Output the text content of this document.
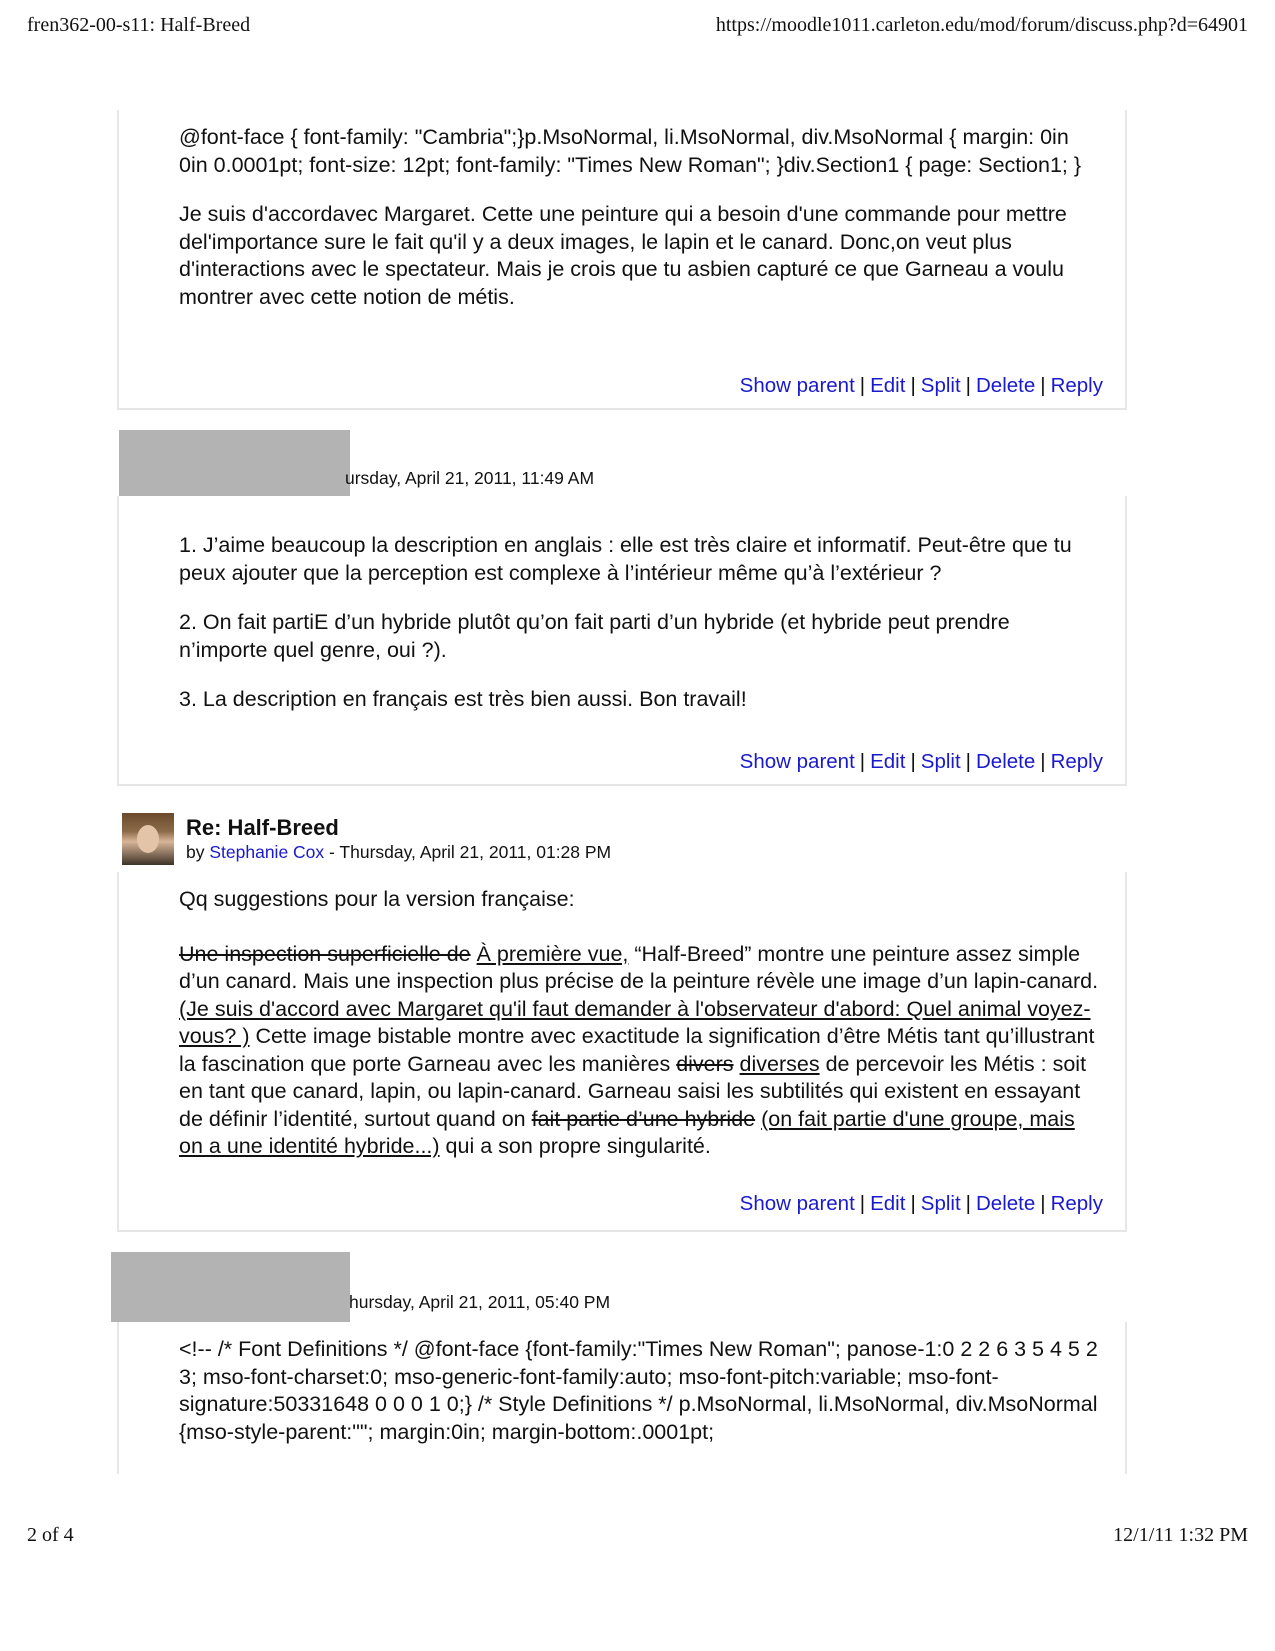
fren362-00-s11: Half-Breed	https://moodle1011.carleton.edu/mod/forum/discuss.php?d=64901

@font-face { font-family: "Cambria";}p.MsoNormal, li.MsoNormal, div.MsoNormal { margin: 0in 0in 0.0001pt; font-size: 12pt; font-family: "Times New Roman"; }div.Section1 { page: Section1; }

Je suis d'accordavec Margaret. Cette une peinture qui a besoin d'une commande pour mettre del'importance sure le fait qu'il y a deux images, le lapin et le canard. Donc,on veut plus d'interactions avec le spectateur. Mais je crois que tu asbien capturé ce que Garneau a voulu montrer avec cette notion de métis.

Show parent | Edit | Split | Delete | Reply
ursday, April 21, 2011, 11:49 AM

1. J’aime beaucoup la description en anglais : elle est très claire et informatif. Peut-être que tu peux ajouter que la perception est complexe à l’intérieur même qu’à l’extérieur ?

2. On fait partiE d’un hybride plutôt qu’on fait parti d’un hybride (et hybride peut prendre n’importe quel genre, oui ?).

3. La description en français est très bien aussi. Bon travail!

Show parent | Edit | Split | Delete | Reply
Re: Half-Breed
by Stephanie Cox - Thursday, April 21, 2011, 01:28 PM

Qq suggestions pour la version française:

Une inspection superficielle de À première vue, “Half-Breed” montre une peinture assez simple d’un canard. Mais une inspection plus précise de la peinture révèle une image d’un lapin-canard. (Je suis d'accord avec Margaret qu'il faut demander à l'observateur d'abord: Quel animal voyez-vous? ) Cette image bistable montre avec exactitude la signification d’être Métis tant qu’illustrant la fascination que porte Garneau avec les manières divers diverses de percevoir les Métis : soit en tant que canard, lapin, ou lapin-canard. Garneau saisi les subtilités qui existent en essayant de définir l’identité, surtout quand on fait partie d’une hybride (on fait partie d'une groupe, mais on a une identité hybride...) qui a son propre singularité.

Show parent | Edit | Split | Delete | Reply
hursday, April 21, 2011, 05:40 PM

<!-- /* Font Definitions */ @font-face {font-family:"Times New Roman"; panose-1:0 2 2 6 3 5 4 5 2 3; mso-font-charset:0; mso-generic-font-family:auto; mso-font-pitch:variable; mso-font-signature:50331648 0 0 0 1 0;} /* Style Definitions */ p.MsoNormal, li.MsoNormal, div.MsoNormal {mso-style-parent:""; margin:0in; margin-bottom:.0001pt;

2 of 4	12/1/11 1:32 PM
